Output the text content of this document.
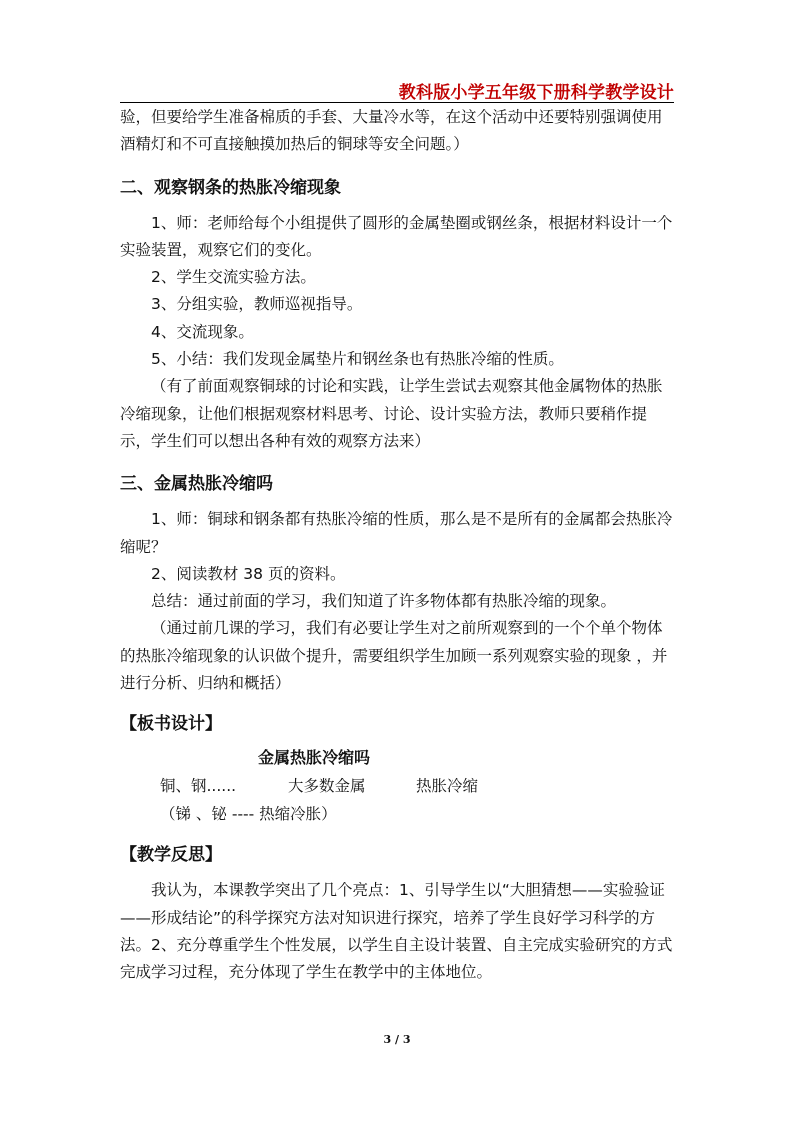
教科版小学五年级下册科学教学设计

验，但要给学生准备棉质的手套、大量冷水等，在这个活动中还要特别强调使用酒精灯和不可直接触摸加热后的铜球等安全问题。）

二、观察钢条的热胀冷缩现象

1、师：老师给每个小组提供了圆形的金属垫圈或钢丝条，根据材料设计一个实验装置，观察它们的变化。

2、学生交流实验方法。

3、分组实验，教师巡视指导。

4、交流现象。

5、小结：我们发现金属垫片和钢丝条也有热胀冷缩的性质。

（有了前面观察铜球的讨论和实践，让学生尝试去观察其他金属物体的热胀冷缩现象，让他们根据观察材料思考、讨论、设计实验方法，教师只要稍作提示，学生们可以想出各种有效的观察方法来）

三、金属热胀冷缩吗

1、师：铜球和钢条都有热胀冷缩的性质，那么是不是所有的金属都会热胀冷缩呢？

2、阅读教材 38 页的资料。

总结：通过前面的学习，我们知道了许多物体都有热胀冷缩的现象。

（通过前几课的学习，我们有必要让学生对之前所观察到的一个个单个物体的热胀冷缩现象的认识做个提升，需要组织学生加顾一系列观察实验的现象 ，并进行分析、归纳和概括）

【板书设计】

金属热胀冷缩吗
铜、钢......	大多数金属	热胀冷缩
（锑 、铋 ---- 热缩冷胀）

【教学反思】

我认为，本课教学突出了几个亮点：1、引导学生以“大胆猜想——实验验证——形成结论”的科学探究方法对知识进行探究，培养了学生良好学习科学的方法。2、充分尊重学生个性发展，以学生自主设计装置、自主完成实验研究的方式完成学习过程，充分体现了学生在教学中的主体地位。

3 / 3
